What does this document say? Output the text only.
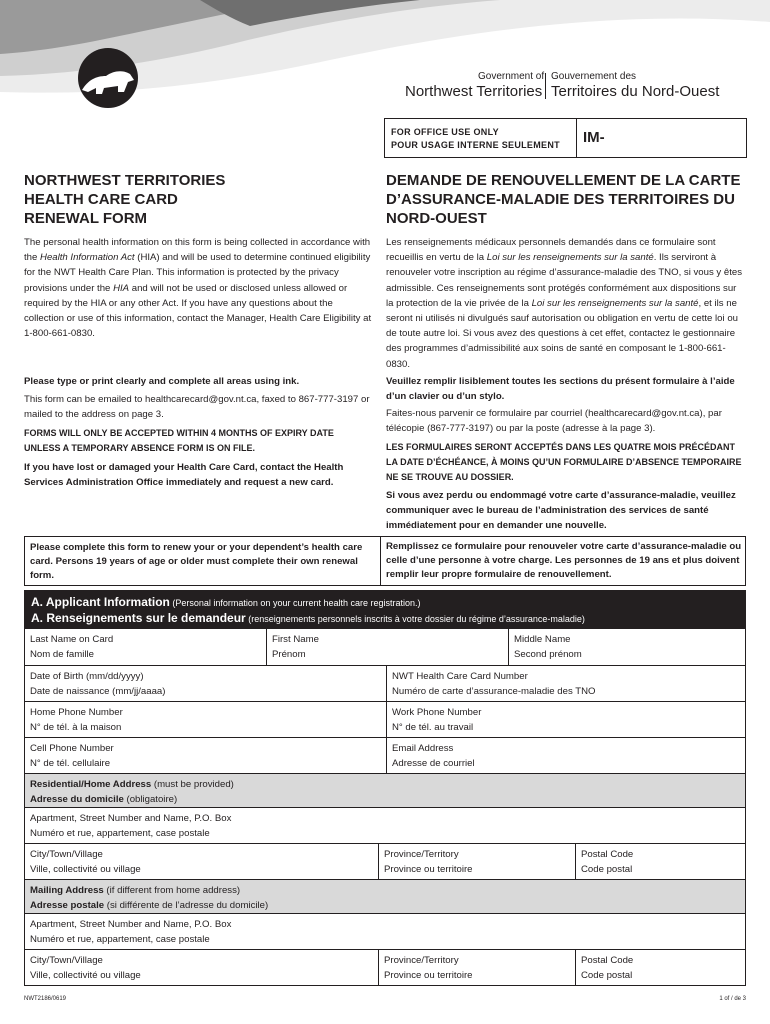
Government of
Northwest Territories
Gouvernement des
Territoires du Nord-Ouest
FOR OFFICE USE ONLY
POUR USAGE INTERNE SEULEMENT IM-
NORTHWEST TERRITORIES
HEALTH CARE CARD
RENEWAL FORM
DEMANDE DE RENOUVELLEMENT DE LA CARTE
D’ASSURANCE-MALADIE DES TERRITOIRES DU
NORD-OUEST
The personal health information on this form is being collected in accordance with the Health Information Act (HIA) and will be used to determine continued eligibility for the NWT Health Care Plan. This information is protected by the privacy provisions under the HIA and will not be used or disclosed unless allowed or required by the HIA or any other Act. If you have any questions about the collection or use of this information, contact the Manager, Health Care Eligibility at 1-800-661-0830.
Les renseignements médicaux personnels demandés dans ce formulaire sont recueillis en vertu de la Loi sur les renseignements sur la santé. Ils serviront à renouveler votre inscription au régime d’assurance-maladie des TNO, si vous y êtes admissible. Ces renseignements sont protégés conformément aux dispositions sur la protection de la vie privée de la Loi sur les renseignements sur la santé, et ils ne seront ni utilisés ni divulgués sauf autorisation ou obligation en vertu de cette loi ou de toute autre loi. Si vous avez des questions à cet effet, contactez le gestionnaire des programmes d’admissibilité aux soins de santé en composant le 1-800-661-0830.
Please type or print clearly and complete all areas using ink.
This form can be emailed to healthcarecard@gov.nt.ca, faxed to 867-777-3197 or mailed to the address on page 3.
FORMS WILL ONLY BE ACCEPTED WITHIN 4 MONTHS OF EXPIRY DATE UNLESS A TEMPORARY ABSENCE FORM IS ON FILE.
If you have lost or damaged your Health Care Card, contact the Health Services Administration Office immediately and request a new card.
Veuillez remplir lisiblement toutes les sections du présent formulaire à l’aide d’un clavier ou d’un stylo.
Faites-nous parvenir ce formulaire par courriel (healthcarecard@gov.nt.ca), par télécopie (867-777-3197) ou par la poste (adresse à la page 3).
LES FORMULAIRES SERONT ACCEPTÉS DANS LES QUATRE MOIS PRÉCÉDANT LA DATE D’ÉCHÉANCE, À MOINS QU’UN FORMULAIRE D’ABSENCE TEMPORAIRE NE SE TROUVE AU DOSSIER.
Si vous avez perdu ou endommagé votre carte d’assurance-maladie, veuillez communiquer avec le bureau de l’administration des services de santé immédiatement pour en demander une nouvelle.
Please complete this form to renew your or your dependent’s health care card. Persons 19 years of age or older must complete their own renewal form.
Remplissez ce formulaire pour renouveler votre carte d’assurance-maladie ou celle d’une personne à votre charge. Les personnes de 19 ans et plus doivent remplir leur propre formulaire de renouvellement.
A. Applicant Information (Personal information on your current health care registration.)
A. Renseignements sur le demandeur (renseignements personnels inscrits à votre dossier du régime d’assurance-maladie)
Last Name on Card
Nom de famille
First Name
Prénom
Middle Name
Second prénom
Date of Birth (mm/dd/yyyy)
Date de naissance (mm/jj/aaaa)
NWT Health Care Card Number
Numéro de carte d’assurance-maladie des TNO
Home Phone Number
N° de tél. à la maison
Work Phone Number
N° de tél. au travail
Cell Phone Number
N° de tél. cellulaire
Email Address
Adresse de courriel
Residential/Home Address (must be provided)
Adresse du domicile (obligatoire)
Apartment, Street Number and Name, P.O. Box
Numéro et rue, appartement, case postale
City/Town/Village
Ville, collectivité ou village
Province/Territory
Province ou territoire
Postal Code
Code postal
Mailing Address (if different from home address)
Adresse postale (si différente de l’adresse du domicile)
Apartment, Street Number and Name, P.O. Box
Numéro et rue, appartement, case postale
City/Town/Village
Ville, collectivité ou village
Province/Territory
Province ou territoire
Postal Code
Code postal
NWT2186/0619	1 of / de 3
